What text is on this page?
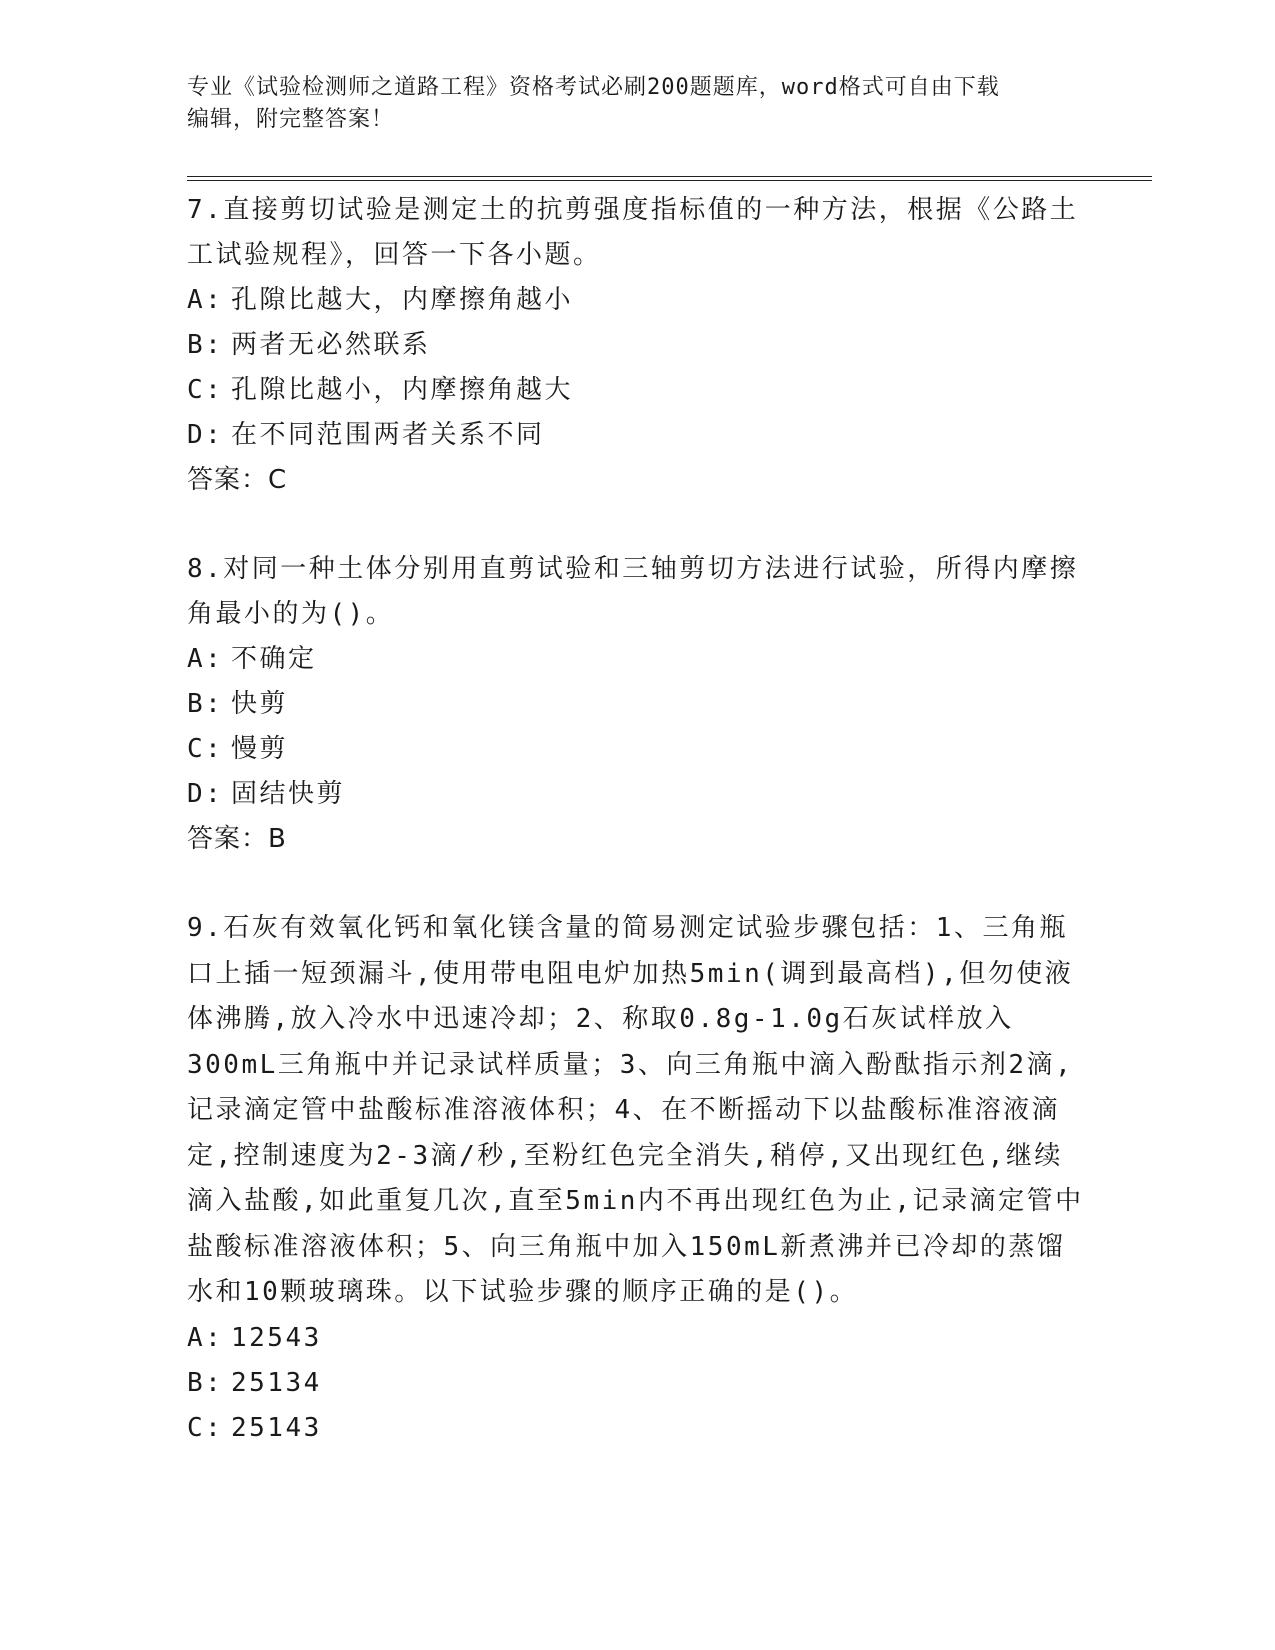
专业《试验检测师之道路工程》资格考试必刷200题题库，word格式可自由下载
编辑，附完整答案！

7.直接剪切试验是测定土的抗剪强度指标值的一种方法，根据《公路土工试验规程》，回答一下各小题。

A: 孔隙比越大，内摩擦角越小

B: 两者无必然联系

C: 孔隙比越小，内摩擦角越大

D: 在不同范围两者关系不同

答案：C

8.对同一种土体分别用直剪试验和三轴剪切方法进行试验，所得内摩擦角最小的为()。

A: 不确定

B: 快剪

C: 慢剪

D: 固结快剪

答案：B

9.石灰有效氧化钙和氧化镁含量的简易测定试验步骤包括：1、三角瓶口上插一短颈漏斗,使用带电阻电炉加热5min(调到最高档),但勿使液体沸腾,放入冷水中迅速冷却；2、称取0.8g-1.0g石灰试样放入300mL三角瓶中并记录试样质量；3、向三角瓶中滴入酚酞指示剂2滴,记录滴定管中盐酸标准溶液体积；4、在不断摇动下以盐酸标准溶液滴定,控制速度为2-3滴/秒,至粉红色完全消失,稍停,又出现红色,继续滴入盐酸,如此重复几次,直至5min内不再出现红色为止,记录滴定管中盐酸标准溶液体积；5、向三角瓶中加入150mL新煮沸并已冷却的蒸馏水和10颗玻璃珠。以下试验步骤的顺序正确的是()。

A: 12543

B: 25134

C: 25143
